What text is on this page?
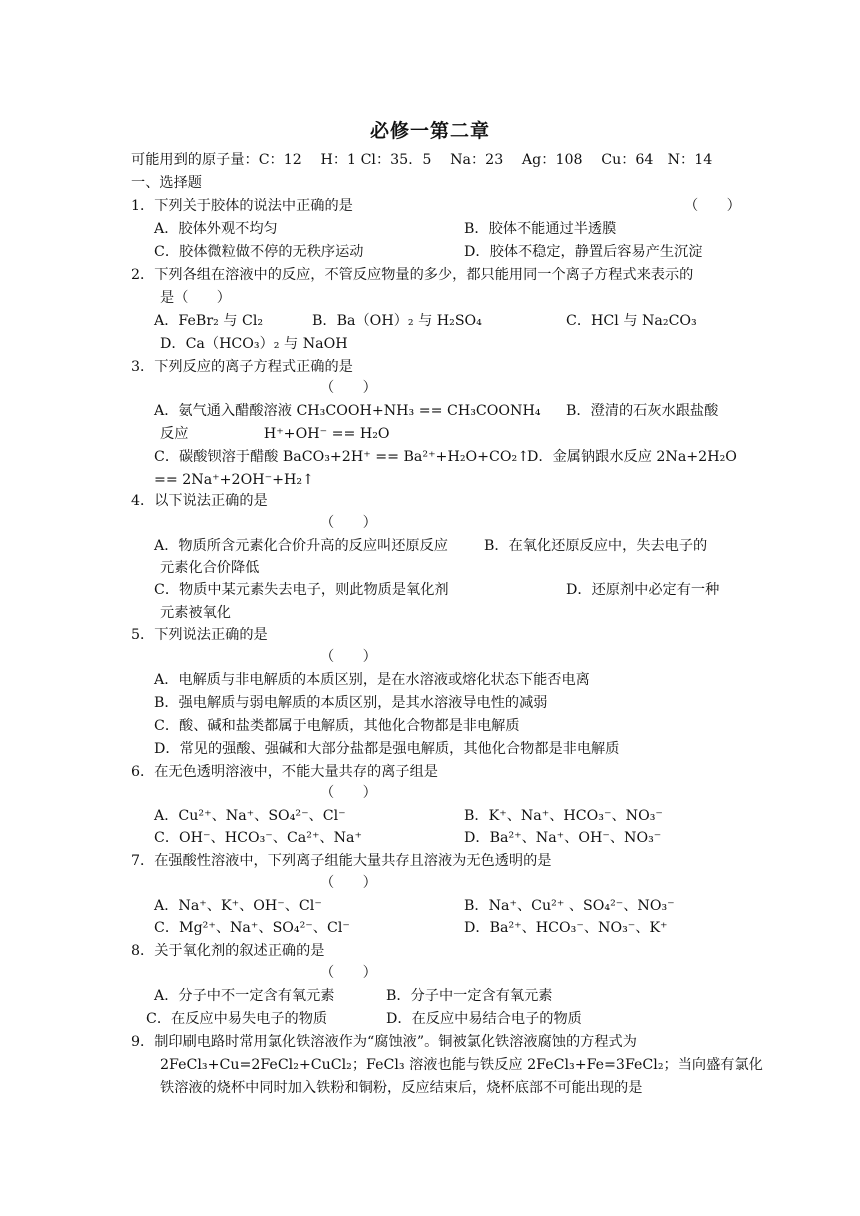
必修一第二章
可能用到的原子量：C：12　 H：1 Cl：35．5　 Na：23　 Ag：108　 Cu：64　N：14
一、选择题
1．下列关于胶体的说法中正确的是	（　　）
A．胶体外观不均匀	B．胶体不能通过半透膜
C．胶体微粒做不停的无秩序运动	D．胶体不稳定，静置后容易产生沉淀
2．下列各组在溶液中的反应，不管反应物量的多少，都只能用同一个离子方程式来表示的
是（　　）
A．FeBr₂ 与 Cl₂	B．Ba（OH）₂ 与 H₂SO₄	C．HCl 与 Na₂CO₃
D．Ca（HCO₃）₂ 与 NaOH
3．下列反应的离子方程式正确的是
（　　）
A．氨气通入醋酸溶液 CH₃COOH+NH₃ == CH₃COONH₄ B．澄清的石灰水跟盐酸
反应　　　　　 H⁺+OH⁻ == H₂O
C．碳酸钡溶于醋酸 BaCO₃+2H⁺ == Ba²⁺+H₂O+CO₂↑
D．金属钠跟水反应 2Na+2H₂O
== 2Na⁺+2OH⁻+H₂↑
4．以下说法正确的是
（　　）
A．物质所含元素化合价升高的反应叫还原反应	B．在氧化还原反应中，失去电子的
元素化合价降低
C．物质中某元素失去电子，则此物质是氧化剂	D．还原剂中必定有一种
元素被氧化
5．下列说法正确的是
（　　）
A．电解质与非电解质的本质区别，是在水溶液或熔化状态下能否电离
B．强电解质与弱电解质的本质区别，是其水溶液导电性的减弱
C．酸、碱和盐类都属于电解质，其他化合物都是非电解质
D．常见的强酸、强碱和大部分盐都是强电解质，其他化合物都是非电解质
6．在无色透明溶液中，不能大量共存的离子组是
（　　）
A．Cu²⁺、Na⁺、SO₄²⁻、Cl⁻	B．K⁺、Na⁺、HCO₃⁻、NO₃⁻
C．OH⁻、HCO₃⁻、Ca²⁺、Na⁺	D．Ba²⁺、Na⁺、OH⁻、NO₃⁻
7．在强酸性溶液中，下列离子组能大量共存且溶液为无色透明的是
（　　）
A．Na⁺、K⁺、OH⁻、Cl⁻	B．Na⁺、Cu²⁺ 、SO₄²⁻、NO₃⁻
C．Mg²⁺、Na⁺、SO₄²⁻、Cl⁻	D．Ba²⁺、HCO₃⁻、NO₃⁻、K⁺
8．关于氧化剂的叙述正确的是
（　　）
A．分子中不一定含有氧元素	B．分子中一定含有氧元素
C．在反应中易失电子的物质	D．在反应中易结合电子的物质
9．制印刷电路时常用氯化铁溶液作为“腐蚀液”。铜被氯化铁溶液腐蚀的方程式为
2FeCl₃+Cu=2FeCl₂+CuCl₂；FeCl₃ 溶液也能与铁反应 2FeCl₃+Fe=3FeCl₂；当向盛有氯化
铁溶液的烧杯中同时加入铁粉和铜粉，反应结束后，烧杯底部不可能出现的是
